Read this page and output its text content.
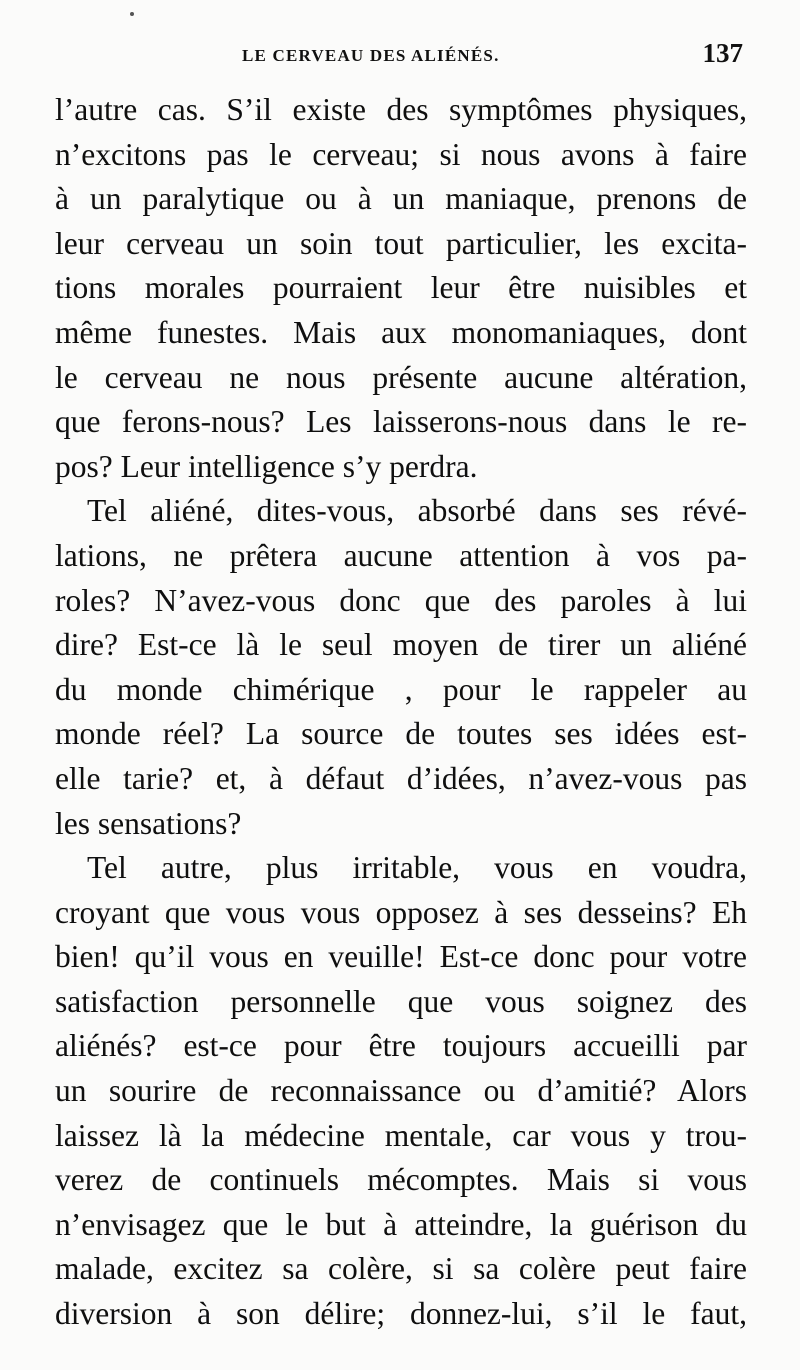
LE CERVEAU DES ALIÉNÉS.	137
l’autre cas. S’il existe des symptômes physiques,
n’excitons pas le cerveau; si nous avons à faire
à un paralytique ou à un maniaque, prenons de
leur cerveau un soin tout particulier, les excita-
tions morales pourraient leur être nuisibles et
même funestes. Mais aux monomaniaques, dont
le cerveau ne nous présente aucune altération,
que ferons-nous? Les laisserons-nous dans le re-
pos? Leur intelligence s’y perdra.
Tel aliéné, dites-vous, absorbé dans ses révé-
lations, ne prêtera aucune attention à vos pa-
roles? N’avez-vous donc que des paroles à lui
dire? Est-ce là le seul moyen de tirer un aliéné
du monde chimérique , pour le rappeler au
monde réel? La source de toutes ses idées est-
elle tarie? et, à défaut d’idées, n’avez-vous pas
les sensations?
Tel autre, plus irritable, vous en voudra,
croyant que vous vous opposez à ses desseins? Eh
bien! qu’il vous en veuille! Est-ce donc pour votre
satisfaction personnelle que vous soignez des
aliénés? est-ce pour être toujours accueilli par
un sourire de reconnaissance ou d’amitié? Alors
laissez là la médecine mentale, car vous y trou-
verez de continuels mécomptes. Mais si vous
n’envisagez que le but à atteindre, la guérison du
malade, excitez sa colère, si sa colère peut faire
diversion à son délire; donnez-lui, s’il le faut,
